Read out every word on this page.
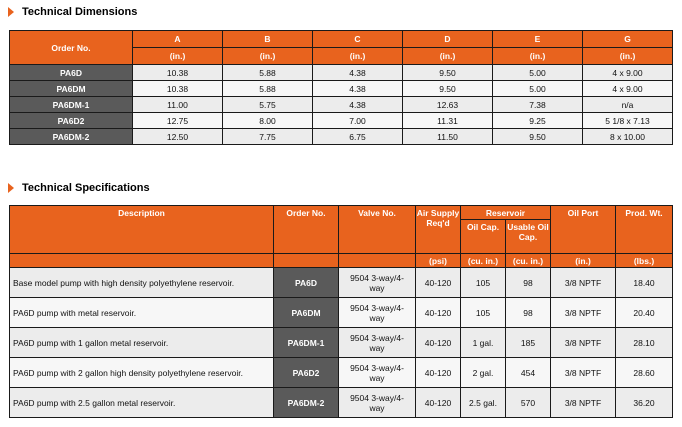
Technical Dimensions
Order No.	A	B	C	D	E	G
	(in.)	(in.)	(in.)	(in.)	(in.)	(in.)
PA6D	10.38	5.88	4.38	9.50	5.00	4 x 9.00
PA6DM	10.38	5.88	4.38	9.50	5.00	4 x 9.00
PA6DM-1	11.00	5.75	4.38	12.63	7.38	n/a
PA6D2	12.75	8.00	7.00	11.31	9.25	5 1/8 x 7.13
PA6DM-2	12.50	7.75	6.75	11.50	9.50	8 x 10.00
Technical Specifications
Description	Order No.	Valve No.	Air Supply Req'd	Reservoir		Oil Port	Prod. Wt.
				Oil Cap.	Usable Oil Cap.		
			(psi)	(cu. in.)	(cu. in.)	(in.)	(lbs.)
Base model pump with high density polyethylene reservoir.	PA6D	9504 3-way/4-way	40-120	105	98	3/8 NPTF	18.40
PA6D pump with metal reservoir.	PA6DM	9504 3-way/4-way	40-120	105	98	3/8 NPTF	20.40
PA6D pump with 1 gallon metal reservoir.	PA6DM-1	9504 3-way/4-way	40-120	1 gal.	185	3/8 NPTF	28.10
PA6D pump with 2 gallon high density polyethylene reservoir.	PA6D2	9504 3-way/4-way	40-120	2 gal.	454	3/8 NPTF	28.60
PA6D pump with 2.5 gallon metal reservoir.	PA6DM-2	9504 3-way/4-way	40-120	2.5 gal.	570	3/8 NPTF	36.20
